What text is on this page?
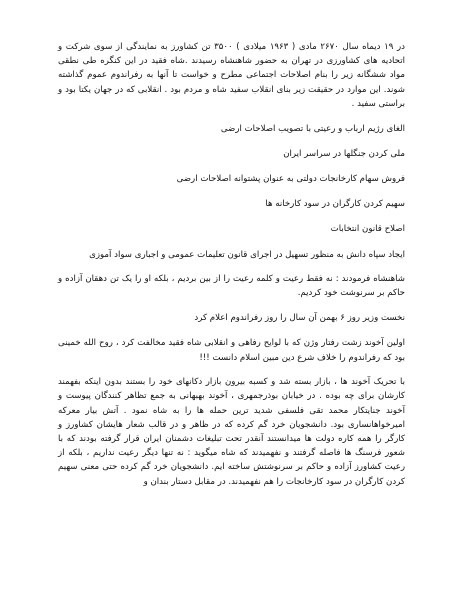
در ۱۹ دیماه سال ۲۶۷۰ مادی ( ۱۹۶۳ میلادی ) ۳۵۰۰ تن کشاورز به نمایندگی از سوی شرکت و اتحادیه های کشاورزی در تهران به حضور شاهنشاه رسیدند .شاه فقید در این کنگره طی نطقی مواد ششگانه زیر را بنام اصلاحات اجتماعی مطرح و خواست تا آنها به رفراندوم عموم گذاشته شوند. این موارد در حقیقت زیر بنای انقلاب سفید شاه و مردم بود . انقلابی که در جهان یکتا بود و براستی سفید .

الغای رژیم ارباب و رعیتی با تصویب اصلاحات ارضی

ملی کردن جنگلها در سراسر ایران

فروش سهام کارخانجات دولتی به عنوان پشتوانه اصلاحات ارضی

سهیم کردن کارگران در سود کارخانه ها

اصلاح قانون انتخابات

ایجاد سپاه دانش به منظور تسهیل در اجرای قانون تعلیمات عمومی و اجباری سواد آموزی

شاهنشاه فرمودند : نه فقط رعیت و کلمه رعیت را از بین بردیم ، بلکه او را یک تن دهقان آزاده و حاکم بر سرنوشت خود کردیم.

نخست وزیر روز ۶ بهمن آن سال را روز رفراندوم اعلام کرد

اولین آخوند زشت رفتار وژن که با لوایح رفاهی و انقلابی شاه فقید مخالفت کرد ، روح الله خمینی بود که رفراندوم را خلاف شرع دین مبین اسلام دانست !!!

با تحریک آخوند ها ، بازار بسته شد و کسبه بیرون بازار دکانهای خود را بستند بدون اینکه بفهمند کارشان برای چه بوده . در خیابان بوذرجمهری ، آخوند بهبهانی به جمع تظاهر کنندگان پیوست و آخوند جنایتکار محمد تقی فلسفی شدید ترین حمله ها را به شاه نمود . آتش بیار معرکه امیرخواهانساری بود. دانشجویان خرد گم کرده که در ظاهر و در قالب شعار هایشان کشاورز و کارگر را همه کاره دولت ها میدانستند آنقدر تحت تبلیغات دشمنان ایران قرار گرفته بودند که با شعور فرسنگ ها فاصله گرفتند و نفهمیدند که شاه میگوید : نه تنها دیگر رعیت نداریم ، بلکه از رعیت کشاورز آزاده و حاکم بر سرنوشتش ساخته ایم. دانشجویان خرد گم کرده حتی معنی سهیم کردن کارگران در سود کارخانجات را هم نفهمیدند. در مقابل دستار بندان و
